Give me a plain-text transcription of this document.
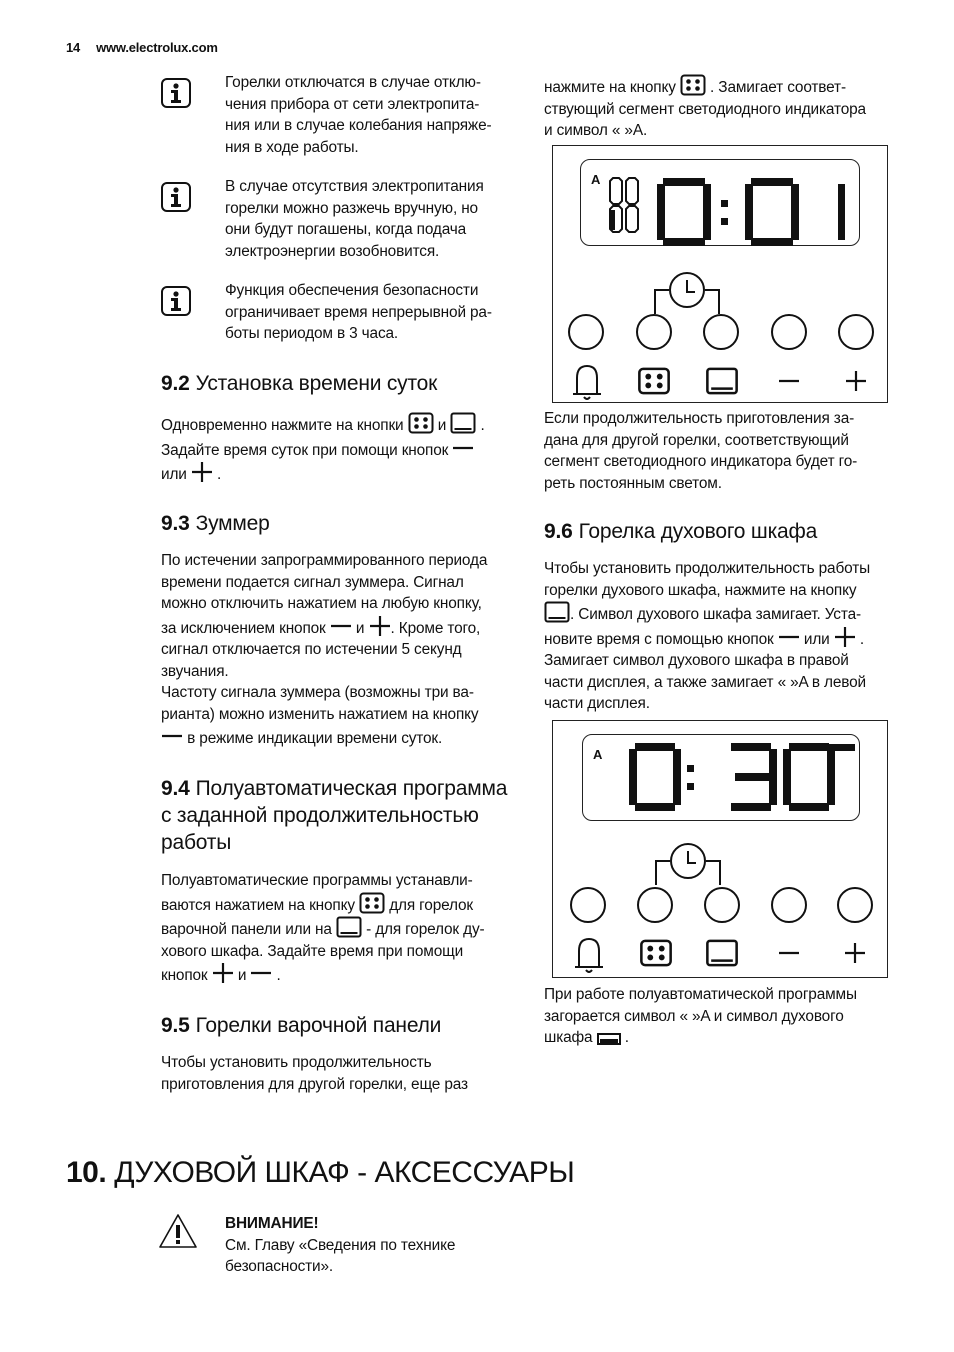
14 www.electrolux.com
Горелки отключатся в случае отклю-
чения прибора от сети электропита-
ния или в случае колебания напряже-
ния в ходе работы.
В случае отсутствия электропитания
горелки можно разжечь вручную, но
они будут погашены, когда подача
электроэнергии возобновится.
Функция обеспечения безопасности
ограничивает время непрерывной ра-
боты периодом в 3 часа.
9.2 Установка времени суток
Одновременно нажмите на кнопки и .
Задайте время суток при помощи кнопок
или .
9.3 Зуммер
По истечении запрограммированного периода
времени подается сигнал зуммера. Сигнал
можно отключить нажатием на любую кнопку,
за исключением кнопок и . Кроме того,
сигнал отключается по истечении 5 секунд
звучания.
Частоту сигнала зуммера (возможны три ва-
рианта) можно изменить нажатием на кнопку
в режиме индикации времени суток.
9.4 Полуавтоматическая программа
с заданной продолжительностью
работы
Полуавтоматические программы устанавли-
ваются нажатием на кнопку для горелок
варочной панели или на - для горелок ду-
хового шкафа. Задайте время при помощи
кнопок и .
9.5 Горелки варочной панели
Чтобы установить продолжительность
приготовления для другой горелки, еще раз
нажмите на кнопку . Замигает соответ-
ствующий сегмент светодиодного индикатора
и символ « »A.
A
Если продолжительность приготовления за-
дана для другой горелки, соответствующий
сегмент светодиодного индикатора будет го-
реть постоянным светом.
9.6 Горелка духового шкафа
Чтобы установить продолжительность работы
горелки духового шкафа, нажмите на кнопку
. Символ духового шкафа замигает. Уста-
новите время с помощью кнопок или .
Замигает символ духового шкафа в правой
части дисплея, а также замигает « »A в левой
части дисплея.
A
При работе полуавтоматической программы
загорается символ « »A и символ духового
шкафа .
10. ДУХОВОЙ ШКАФ - АКСЕССУАРЫ
ВНИМАНИЕ!
См. Главу «Сведения по технике
безопасности».
